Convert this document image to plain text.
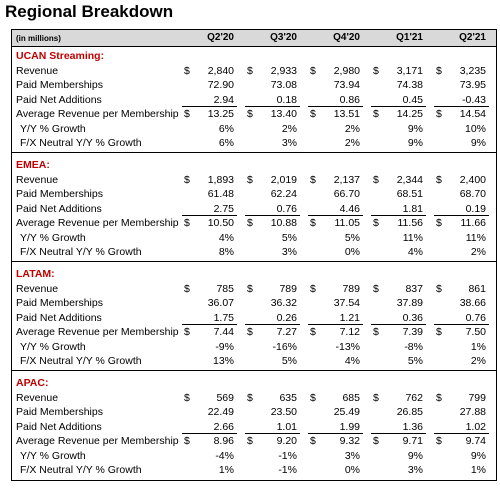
Regional Breakdown
(in millions)	Q2'20	Q3'20	Q4'20	Q1'21	Q2'21
UCAN Streaming:
Revenue	$	2,840 $	2,933 $	2,980 $	3,171 $	3,235
Paid Memberships	72.90	73.08	73.94	74.38	73.95
Paid Net Additions	2.94	0.18	0.86	0.45	-0.43
Average Revenue per Membership $	13.25 $	13.40 $	13.51 $	14.25 $	14.54
Y/Y % Growth	6%	2%	2%	9%	10%
F/X Neutral Y/Y % Growth	6%	3%	2%	9%	9%
EMEA:
Revenue	$	1,893 $	2,019 $	2,137 $	2,344 $	2,400
Paid Memberships	61.48	62.24	66.70	68.51	68.70
Paid Net Additions	2.75	0.76	4.46	1.81	0.19
Average Revenue per Membership $	10.50 $	10.88 $	11.05 $	11.56 $	11.66
Y/Y % Growth	4%	5%	5%	11%	11%
F/X Neutral Y/Y % Growth	8%	3%	0%	4%	2%
LATAM:
Revenue	$	785 $	789 $	789 $	837 $	861
Paid Memberships	36.07	36.32	37.54	37.89	38.66
Paid Net Additions	1.75	0.26	1.21	0.36	0.76
Average Revenue per Membership $	7.44 $	7.27 $	7.12 $	7.39 $	7.50
Y/Y % Growth	-9%	-16%	-13%	-8%	1%
F/X Neutral Y/Y % Growth	13%	5%	4%	5%	2%
APAC:
Revenue	$	569 $	635 $	685 $	762 $	799
Paid Memberships	22.49	23.50	25.49	26.85	27.88
Paid Net Additions	2.66	1.01	1.99	1.36	1.02
Average Revenue per Membership $	8.96 $	9.20 $	9.32 $	9.71 $	9.74
Y/Y % Growth	-4%	-1%	3%	9%	9%
F/X Neutral Y/Y % Growth	1%	-1%	0%	3%	1%
